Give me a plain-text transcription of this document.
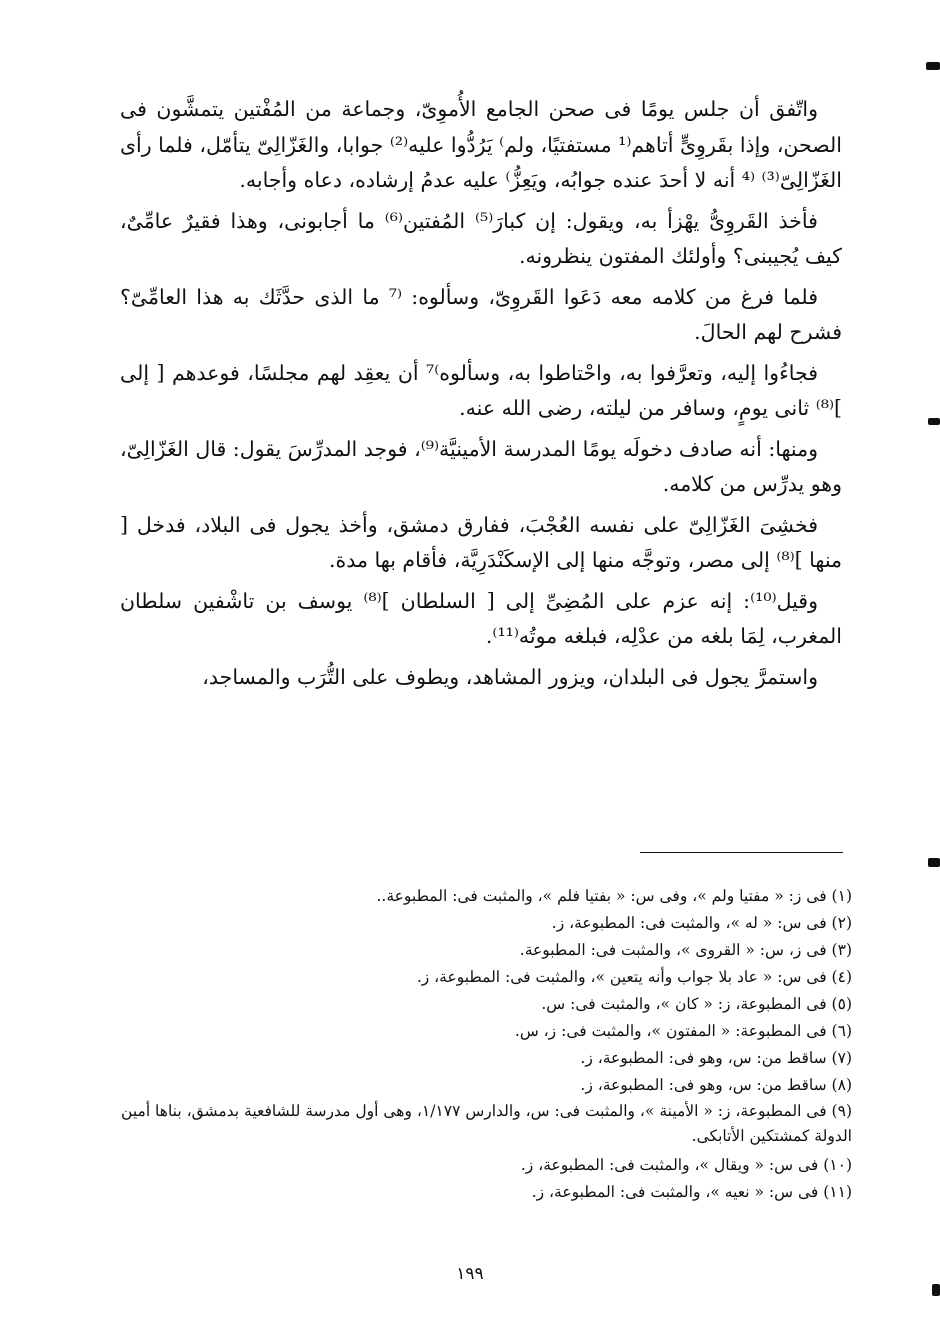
واتّفق أن جلس يومًا فى صحن الجامع الأُموِىّ، وجماعة من المُفْتين يتمشَّون فى الصحن، وإذا بقَروِىٍّ أتاهم⁽¹ مستفتيًا، ولم⁾ يَرُدُّوا عليه⁽²⁾ جوابا، والغَزّالِىّ يتأمّل، فلما رأى الغَزّالِىّ⁽³⁾ ⁽⁴ أنه لا أحدَ عنده جوابُه، ويَعِزُّ⁾ عليه عدمُ إرشاده، دعاه وأجابه.

فأخذ القَروِىُّ يهْزأ به، ويقول: إن كبارَ⁽⁵⁾ المُفتين⁽⁶⁾ ما أجابونى، وهذا فقيرٌ عامِّىٌ، كيف يُجيبنى؟ وأولئك المفتون ينظرونه.

فلما فرغ من كلامه معه دَعَوا القَروِىّ، وسألوه: ⁽⁷ ما الذى حدَّثَك به هذا العامِّىّ؟ فشرح لهم الحالَ.

فجاءُوا إليه، وتعرَّفوا به، واحْتاطوا به، وسألوه⁾⁷ أن يعقِد لهم مجلسًا، فوعدهم [ إلى ]⁽⁸⁾ ثانى يومٍ، وسافر من ليلته، رضى الله عنه.

ومنها: أنه صادف دخولَه يومًا المدرسة الأمينيَّة⁽⁹⁾، فوجد المدرِّسَ يقول: قال الغَزّالِىّ، وهو يدرِّس من كلامه.

فخشِىَ الغَزّالِىّ على نفسه العُجْبَ، ففارق دمشق، وأخذ يجول فى البلاد، فدخل [ منها ]⁽⁸⁾ إلى مصر، وتوجَّه منها إلى الإسكَنْدَرِيَّة، فأقام بها مدة.

وقيل⁽¹⁰⁾: إنه عزم على المُضِىِّ إلى [ السلطان ]⁽⁸⁾ يوسف بن تاشْفين سلطان المغرب، لِمَا بلغه من عدْلِه، فبلغه موتُه⁽¹¹⁾.

واستمرَّ يجول فى البلدان، ويزور المشاهد، ويطوف على التُّرَب والمساجد،

(١) فى ز: « مفتيا ولم »، وفى س: « بفتيا فلم »، والمثبت فى: المطبوعة..

(٢) فى س: « له »، والمثبت فى: المطبوعة، ز.

(٣) فى ز، س: « القروى »، والمثبت فى: المطبوعة.

(٤) فى س: « عاد بلا جواب وأنه يتعين »، والمثبت فى: المطبوعة، ز.

(٥) فى المطبوعة، ز: « كان »، والمثبت فى: س.

(٦) فى المطبوعة: « المفتون »، والمثبت فى: ز، س.

(٧) ساقط من: س، وهو فى: المطبوعة، ز.

(٨) ساقط من: س، وهو فى: المطبوعة، ز.

(٩) فى المطبوعة، ز: « الأمينة »، والمثبت فى: س، والدارس ١/١٧٧، وهى أول مدرسة للشافعية بدمشق، بناها أمين الدولة كمشتكين الأتابكى.

(١٠) فى س: « ويقال »، والمثبت فى: المطبوعة، ز.

(١١) فى س: « نعيه »، والمثبت فى: المطبوعة، ز.

١٩٩
